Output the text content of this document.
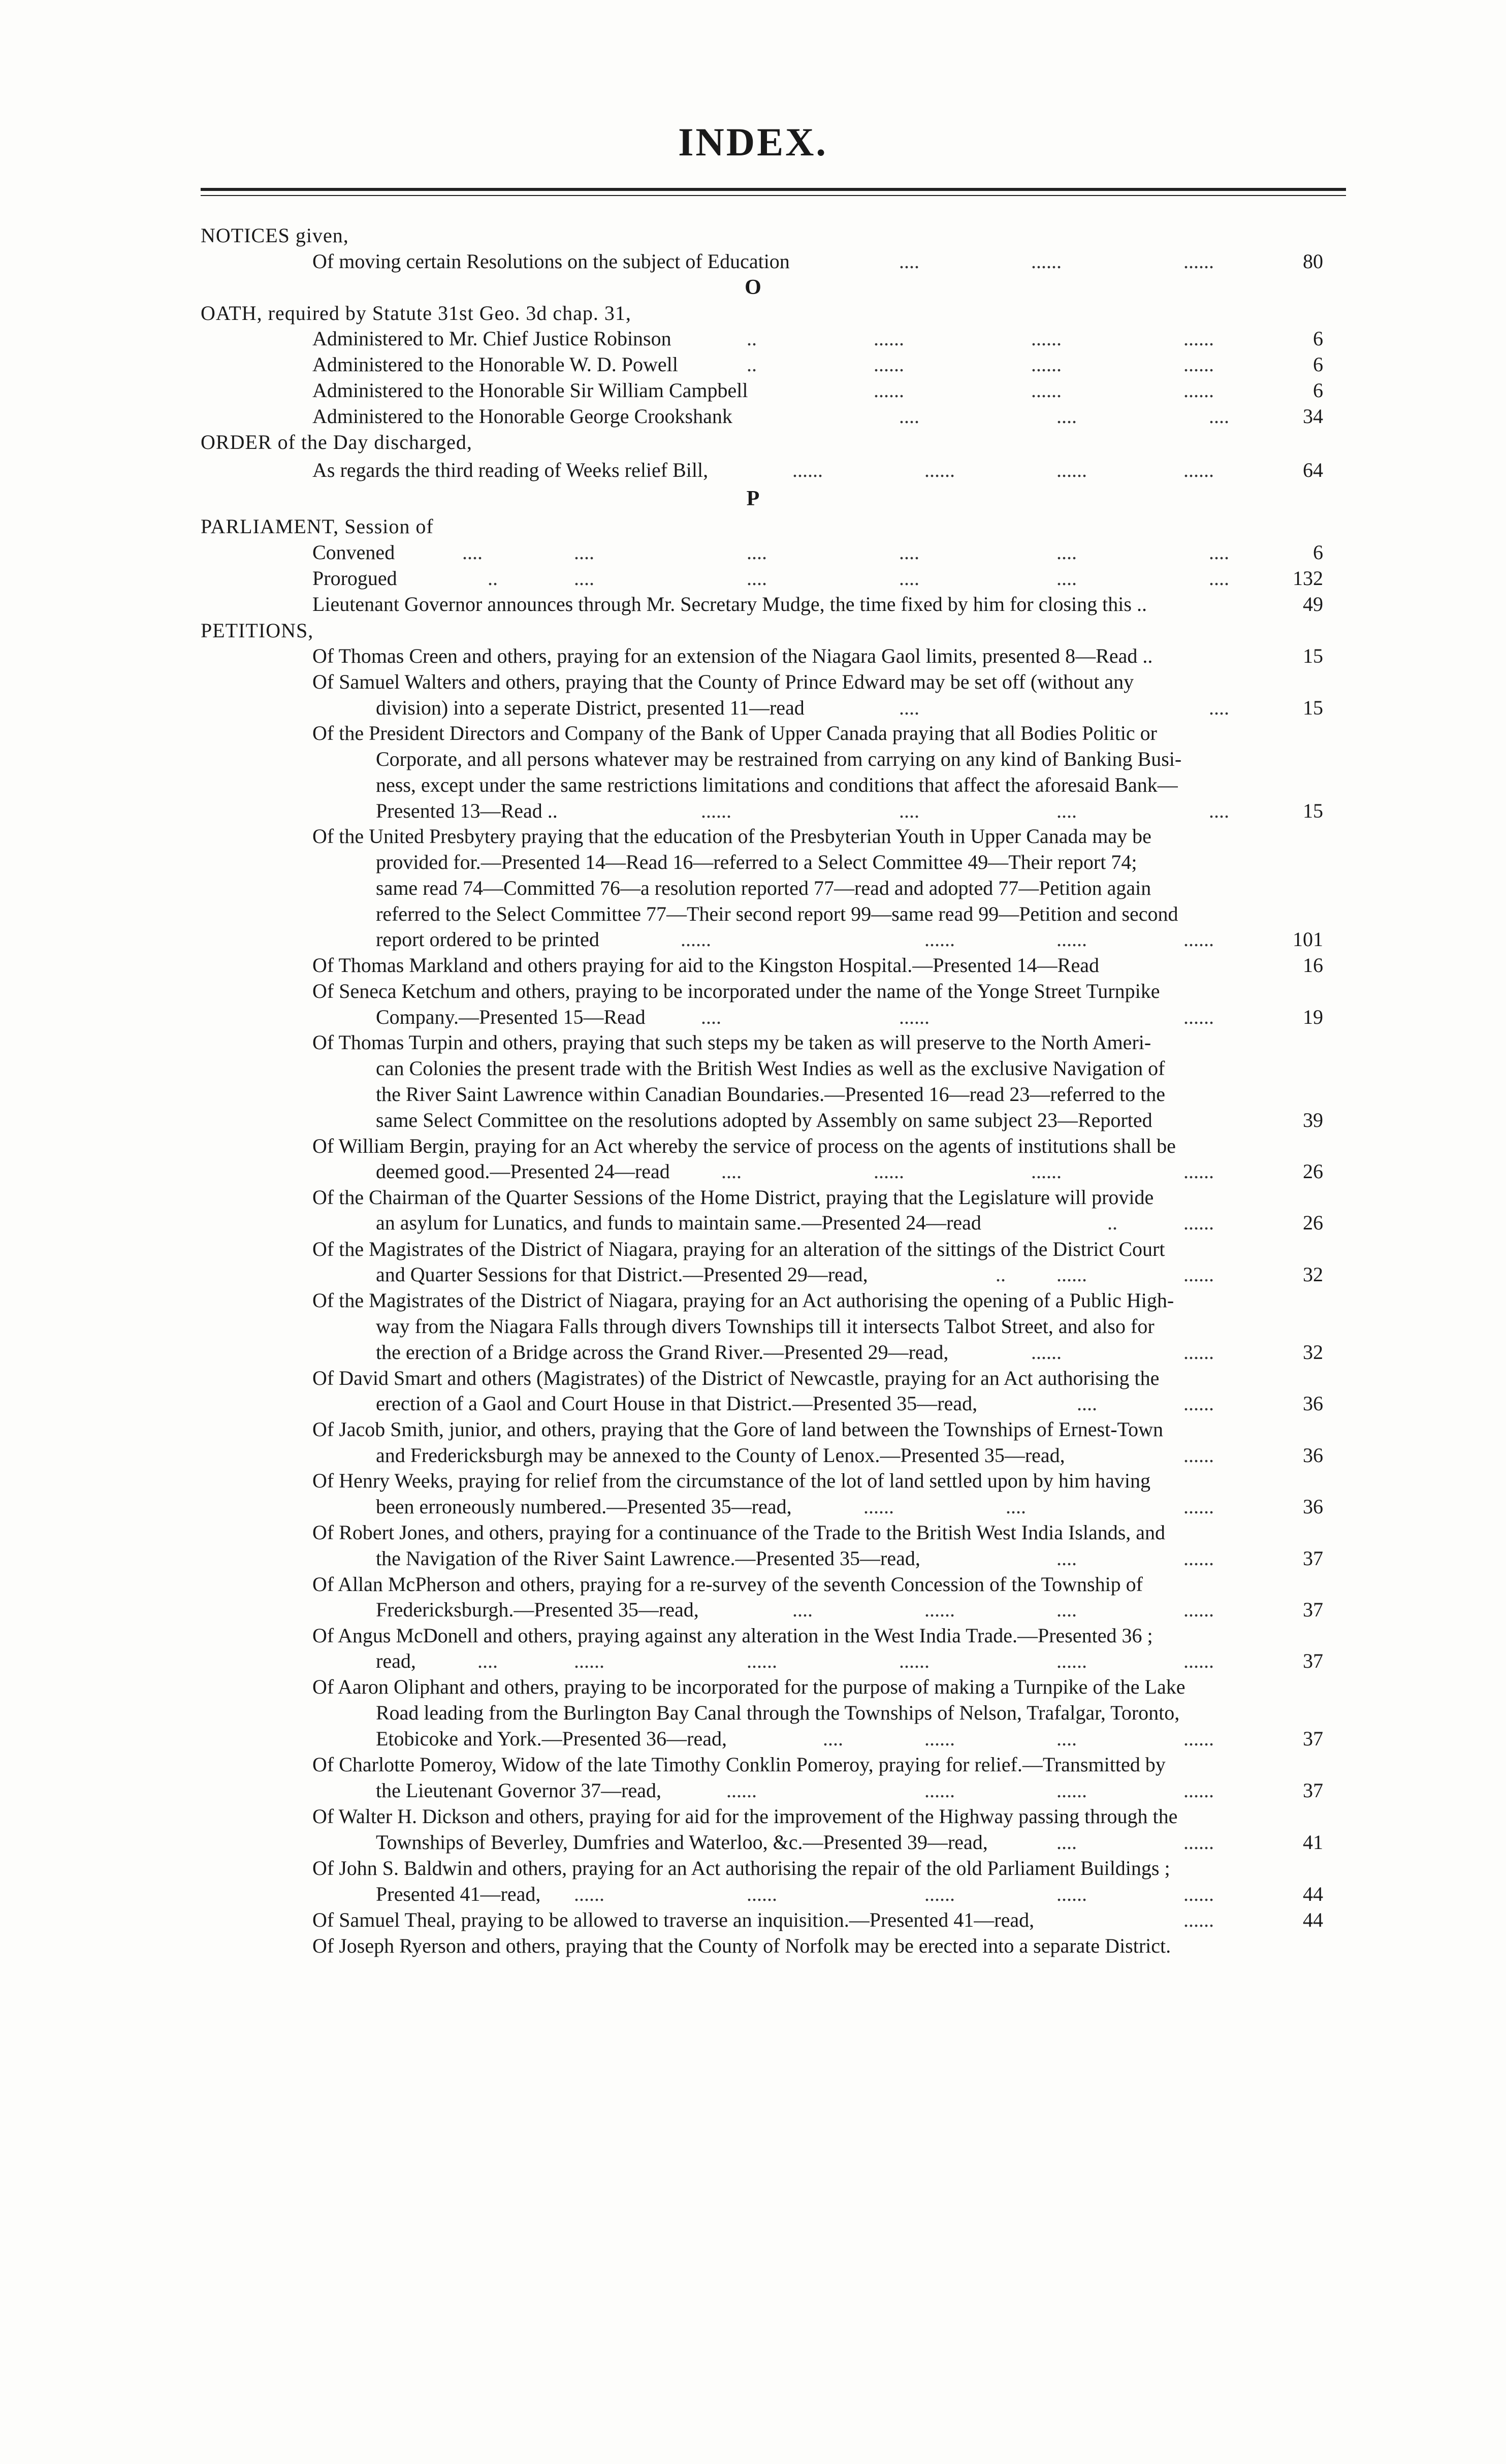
INDEX.
NOTICES given,
Of moving certain Resolutions on the subject of Education	....	......	......	80
O
OATH, required by Statute 31st Geo. 3d chap. 31,
Administered to Mr. Chief Justice Robinson	..	......	......	......	6
Administered to the Honorable W. D. Powell	..	......	......	......	6
Administered to the Honorable Sir William Campbell	......	......	......	6
Administered to the Honorable George Crookshank	....	....	....	34
ORDER of the Day discharged,
As regards the third reading of Weeks relief Bill,	......	......	......	......	64
P
PARLIAMENT, Session of
Convened	....	....	....	....	....	....	6
Prorogued	..	....	....	....	....	....	132
Lieutenant Governor announces through Mr. Secretary Mudge, the time fixed by him for closing this ..	49
PETITIONS,
Of Thomas Creen and others, praying for an extension of the Niagara Gaol limits, presented 8—Read ..	15
Of Samuel Walters and others, praying that the County of Prince Edward may be set off (without any
division) into a seperate District, presented 11—read	....	....	15
Of the President Directors and Company of the Bank of Upper Canada praying that all Bodies Politic or
Corporate, and all persons whatever may be restrained from carrying on any kind of Banking Busi-
ness, except under the same restrictions limitations and conditions that affect the aforesaid Bank—
Presented 13—Read ..	......	....	....	....	15
Of the United Presbytery praying that the education of the Presbyterian Youth in Upper Canada may be
provided for.—Presented 14—Read 16—referred to a Select Committee 49—Their report 74;
same read 74—Committed 76—a resolution reported 77—read and adopted 77—Petition again
referred to the Select Committee 77—Their second report 99—same read 99—Petition and second
report ordered to be printed	......	......	......	......	101
Of Thomas Markland and others praying for aid to the Kingston Hospital.—Presented 14—Read	16
Of Seneca Ketchum and others, praying to be incorporated under the name of the Yonge Street Turnpike
Company.—Presented 15—Read	....	......	......	19
Of Thomas Turpin and others, praying that such steps my be taken as will preserve to the North Ameri-
can Colonies the present trade with the British West Indies as well as the exclusive Navigation of
the River Saint Lawrence within Canadian Boundaries.—Presented 16—read 23—referred to the
same Select Committee on the resolutions adopted by Assembly on same subject 23—Reported	39
Of William Bergin, praying for an Act whereby the service of process on the agents of institutions shall be
deemed good.—Presented 24—read	....	......	......	......	26
Of the Chairman of the Quarter Sessions of the Home District, praying that the Legislature will provide
an asylum for Lunatics, and funds to maintain same.—Presented 24—read	..	......	26
Of the Magistrates of the District of Niagara, praying for an alteration of the sittings of the District Court
and Quarter Sessions for that District.—Presented 29—read,	..	......	......	32
Of the Magistrates of the District of Niagara, praying for an Act authorising the opening of a Public High-
way from the Niagara Falls through divers Townships till it intersects Talbot Street, and also for
the erection of a Bridge across the Grand River.—Presented 29—read,	......	......	32
Of David Smart and others (Magistrates) of the District of Newcastle, praying for an Act authorising the
erection of a Gaol and Court House in that District.—Presented 35—read,	....	......	36
Of Jacob Smith, junior, and others, praying that the Gore of land between the Townships of Ernest-Town
and Fredericksburgh may be annexed to the County of Lenox.—Presented 35—read,	......	36
Of Henry Weeks, praying for relief from the circumstance of the lot of land settled upon by him having
been erroneously numbered.—Presented 35—read,	......	....	......	36
Of Robert Jones, and others, praying for a continuance of the Trade to the British West India Islands, and
the Navigation of the River Saint Lawrence.—Presented 35—read,	....	......	37
Of Allan McPherson and others, praying for a re-survey of the seventh Concession of the Township of
Fredericksburgh.—Presented 35—read,	....	......	....	......	37
Of Angus McDonell and others, praying against any alteration in the West India Trade.—Presented 36 ;
read,	....	......	......	......	......	......	37
Of Aaron Oliphant and others, praying to be incorporated for the purpose of making a Turnpike of the Lake
Road leading from the Burlington Bay Canal through the Townships of Nelson, Trafalgar, Toronto,
Etobicoke and York.—Presented 36—read,	....	......	....	......	37
Of Charlotte Pomeroy, Widow of the late Timothy Conklin Pomeroy, praying for relief.—Transmitted by
the Lieutenant Governor 37—read,	......	......	......	......	37
Of Walter H. Dickson and others, praying for aid for the improvement of the Highway passing through the
Townships of Beverley, Dumfries and Waterloo, &c.—Presented 39—read,	....	......	41
Of John S. Baldwin and others, praying for an Act authorising the repair of the old Parliament Buildings ;
Presented 41—read, ......	......	......	......	......	44
Of Samuel Theal, praying to be allowed to traverse an inquisition.—Presented 41—read,	......	44
Of Joseph Ryerson and others, praying that the County of Norfolk may be erected into a separate District.
